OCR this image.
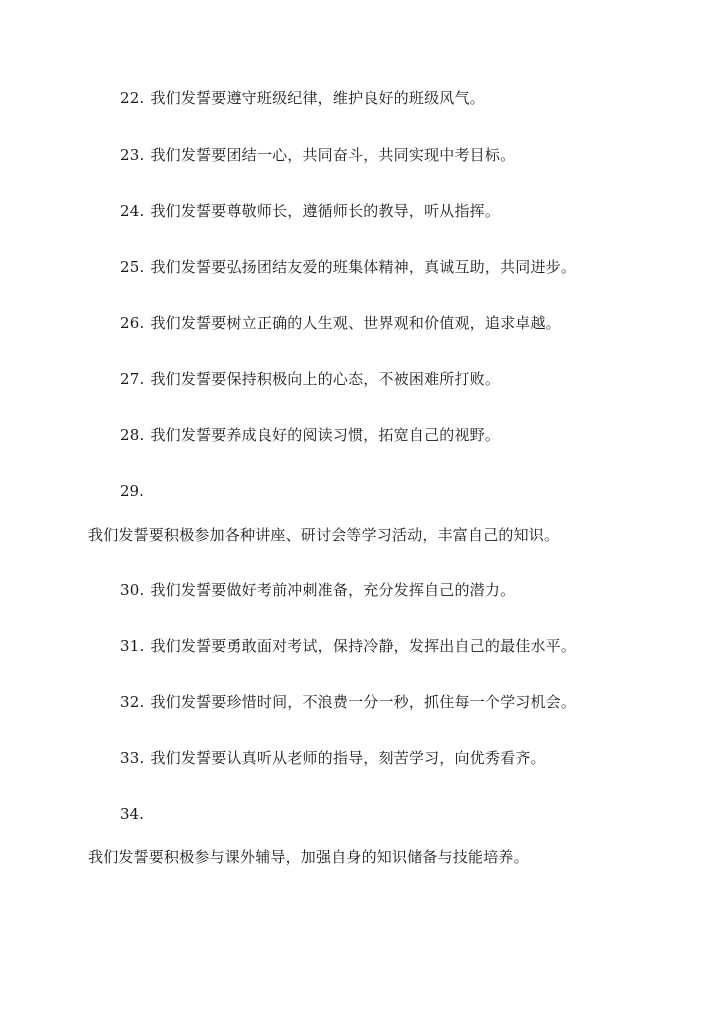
22. 我们发誓要遵守班级纪律，维护良好的班级风气。
23. 我们发誓要团结一心，共同奋斗，共同实现中考目标。
24. 我们发誓要尊敬师长，遵循师长的教导，听从指挥。
25. 我们发誓要弘扬团结友爱的班集体精神，真诚互助，共同进步。
26. 我们发誓要树立正确的人生观、世界观和价值观，追求卓越。
27. 我们发誓要保持积极向上的心态，不被困难所打败。
28. 我们发誓要养成良好的阅读习惯，拓宽自己的视野。
29.
我们发誓要积极参加各种讲座、研讨会等学习活动，丰富自己的知识。
30. 我们发誓要做好考前冲刺准备，充分发挥自己的潜力。
31. 我们发誓要勇敢面对考试，保持冷静，发挥出自己的最佳水平。
32. 我们发誓要珍惜时间，不浪费一分一秒，抓住每一个学习机会。
33. 我们发誓要认真听从老师的指导，刻苦学习，向优秀看齐。
34.
我们发誓要积极参与课外辅导，加强自身的知识储备与技能培养。
